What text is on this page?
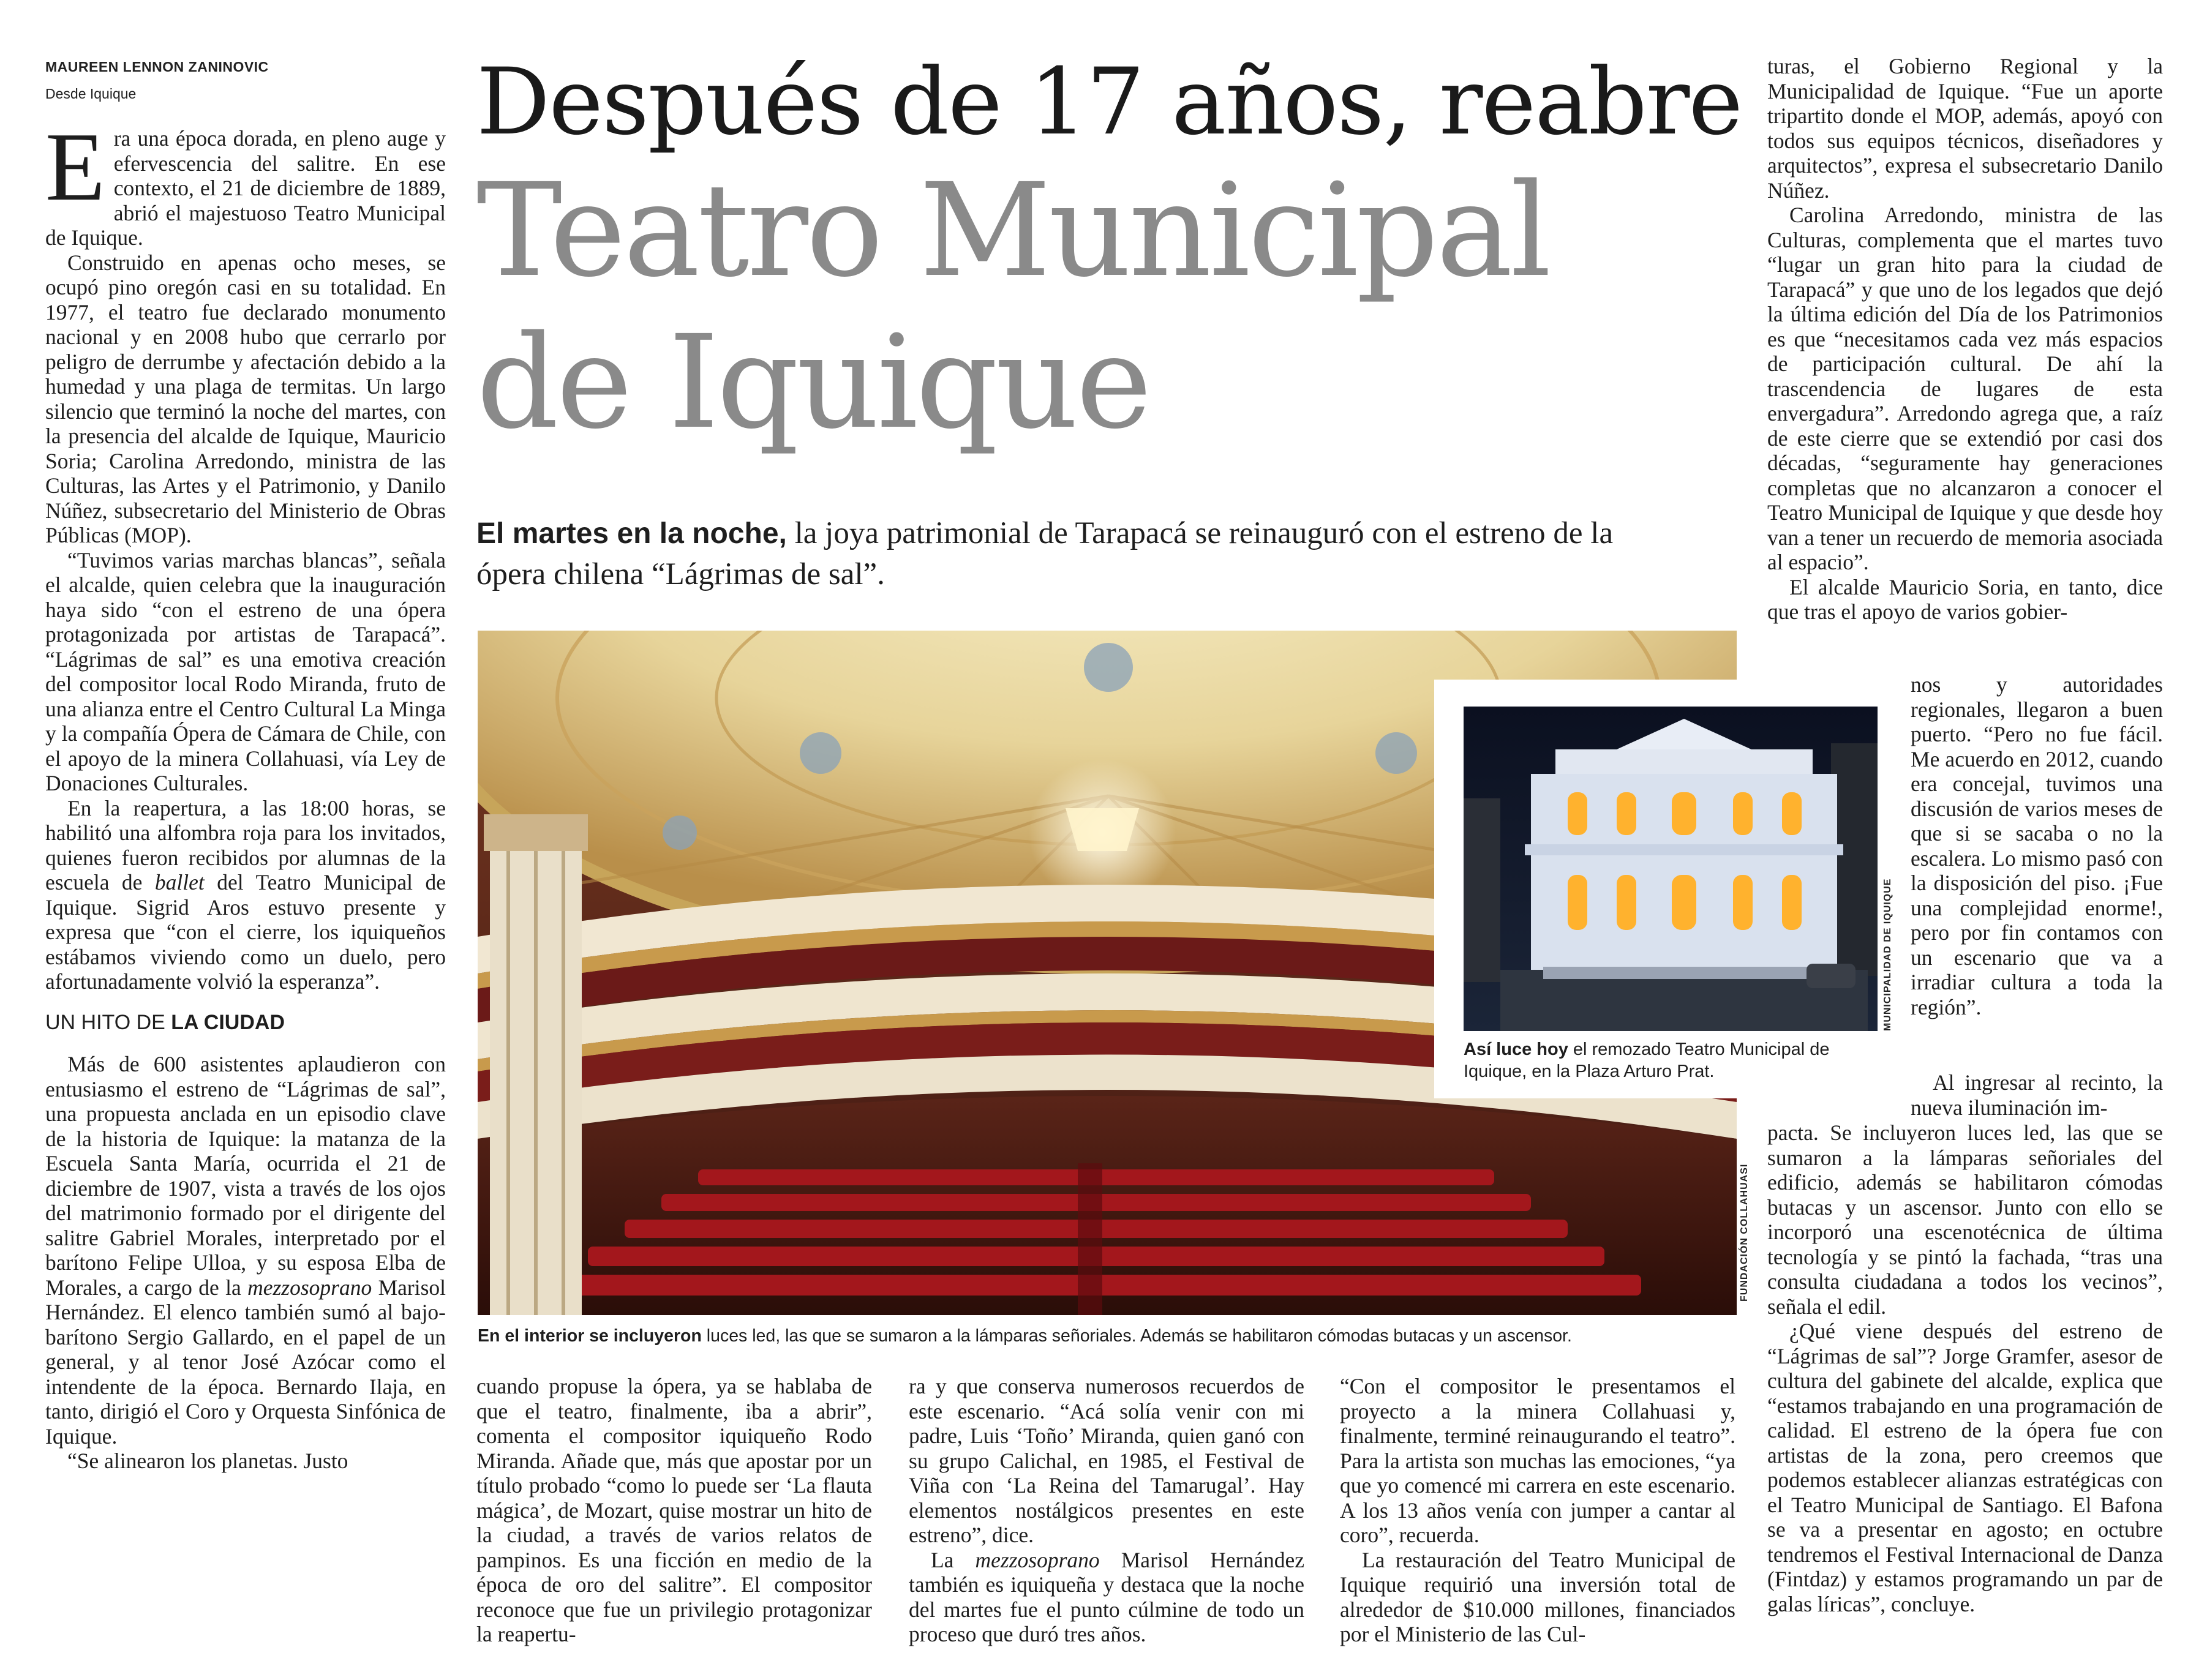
MAUREEN LENNON ZANINOVIC
Desde Iquique

Era una época dorada, en pleno auge y efervescencia del salitre. En ese contexto, el 21 de diciembre de 1889, abrió el majestuoso Teatro Municipal de Iquique.

Construido en apenas ocho meses, se ocupó pino oregón casi en su totalidad. En 1977, el teatro fue declarado monumento nacional y en 2008 hubo que cerrarlo por peligro de derrumbe y afectación debido a la humedad y una plaga de termitas. Un largo silencio que terminó la noche del martes, con la presencia del alcalde de Iquique, Mauricio Soria; Carolina Arredondo, ministra de las Culturas, las Artes y el Patrimonio, y Danilo Núñez, subsecretario del Ministerio de Obras Públicas (MOP).

“Tuvimos varias marchas blancas”, señala el alcalde, quien celebra que la inauguración haya sido “con el estreno de una ópera protagonizada por artistas de Tarapacá”. “Lágrimas de sal” es una emotiva creación del compositor local Rodo Miranda, fruto de una alianza entre el Centro Cultural La Minga y la compañía Ópera de Cámara de Chile, con el apoyo de la minera Collahuasi, vía Ley de Donaciones Culturales.

En la reapertura, a las 18:00 horas, se habilitó una alfombra roja para los invitados, quienes fueron recibidos por alumnas de la escuela de ballet del Teatro Municipal de Iquique. Sigrid Aros estuvo presente y expresa que “con el cierre, los iquiqueños estábamos viviendo como un duelo, pero afortunadamente volvió la esperanza”.

UN HITO DE LA CIUDAD

Más de 600 asistentes aplaudieron con entusiasmo el estreno de “Lágrimas de sal”, una propuesta anclada en un episodio clave de la historia de Iquique: la matanza de la Escuela Santa María, ocurrida el 21 de diciembre de 1907, vista a través de los ojos del matrimonio formado por el dirigente del salitre Gabriel Morales, interpretado por el barítono Felipe Ulloa, y su esposa Elba de Morales, a cargo de la mezzosoprano Marisol Hernández. El elenco también sumó al bajo-barítono Sergio Gallardo, en el papel de un general, y al tenor José Azócar como el intendente de la época. Bernardo Ilaja, en tanto, dirigió el Coro y Orquesta Sinfónica de Iquique.

“Se alinearon los planetas. Justo

Después de 17 años, reabre
Teatro Municipal
de Iquique
El martes en la noche, la joya patrimonial de Tarapacá se reinauguró con el estreno de la ópera chilena “Lágrimas de sal”.
MUNICIPALIDAD DE IQUIQUE
Así luce hoy el remozado Teatro Municipal de Iquique, en la Plaza Arturo Prat.
FUNDACIÓN COLLAHUASI
En el interior se incluyeron luces led, las que se sumaron a la lámparas señoriales. Además se habilitaron cómodas butacas y un ascensor.

cuando propuse la ópera, ya se hablaba de que el teatro, finalmente, iba a abrir”, comenta el compositor iquiqueño Rodo Miranda. Añade que, más que apostar por un título probado “como lo puede ser ‘La flauta mágica’, de Mozart, quise mostrar un hito de la ciudad, a través de varios relatos de pampinos. Es una ficción en medio de la época de oro del salitre”. El compositor reconoce que fue un privilegio protagonizar la reapertu-

ra y que conserva numerosos recuerdos de este escenario. “Acá solía venir con mi padre, Luis ‘Toño’ Miranda, quien ganó con su grupo Calichal, en 1985, el Festival de Viña con ‘La Reina del Tamarugal’. Hay elementos nostálgicos presentes en este estreno”, dice.

La mezzosoprano Marisol Hernández también es iquiqueña y destaca que la noche del martes fue el punto cúlmine de todo un proceso que duró tres años.

“Con el compositor le presentamos el proyecto a la minera Collahuasi y, finalmente, terminé reinaugurando el teatro”. Para la artista son muchas las emociones, “ya que yo comencé mi carrera en este escenario. A los 13 años venía con jumper a cantar al coro”, recuerda.

La restauración del Teatro Municipal de Iquique requirió una inversión total de alrededor de $10.000 millones, financiados por el Ministerio de las Cul-

turas, el Gobierno Regional y la Municipalidad de Iquique. “Fue un aporte tripartito donde el MOP, además, apoyó con todos sus equipos técnicos, diseñadores y arquitectos”, expresa el subsecretario Danilo Núñez.

Carolina Arredondo, ministra de las Culturas, complementa que el martes tuvo “lugar un gran hito para la ciudad de Tarapacá” y que uno de los legados que dejó la última edición del Día de los Patrimonios es que “necesitamos cada vez más espacios de participación cultural. De ahí la trascendencia de lugares de esta envergadura”. Arredondo agrega que, a raíz de este cierre que se extendió por casi dos décadas, “seguramente hay generaciones completas que no alcanzaron a conocer el Teatro Municipal de Iquique y que desde hoy van a tener un recuerdo de memoria asociada al espacio”.

El alcalde Mauricio Soria, en tanto, dice que tras el apoyo de varios gobier-

nos y autoridades regionales, llegaron a buen puerto. “Pero no fue fácil. Me acuerdo en 2012, cuando era concejal, tuvimos una discusión de varios meses de que si se sacaba o no la escalera. Lo mismo pasó con la disposición del piso. ¡Fue una complejidad enorme!, pero por fin contamos con un escenario que va a irradiar cultura a toda la región”.

Al ingresar al recinto, la nueva iluminación im-

pacta. Se incluyeron luces led, las que se sumaron a la lámparas señoriales del edificio, además se habilitaron cómodas butacas y un ascensor. Junto con ello se incorporó una escenotécnica de última tecnología y se pintó la fachada, “tras una consulta ciudadana a todos los vecinos”, señala el edil.

¿Qué viene después del estreno de “Lágrimas de sal”? Jorge Gramfer, asesor de cultura del gabinete del alcalde, explica que “estamos trabajando en una programación de calidad. El estreno de la ópera fue con artistas de la zona, pero creemos que podemos establecer alianzas estratégicas con el Teatro Municipal de Santiago. El Bafona se va a presentar en agosto; en octubre tendremos el Festival Internacional de Danza (Fintdaz) y estamos programando un par de galas líricas”, concluye.
